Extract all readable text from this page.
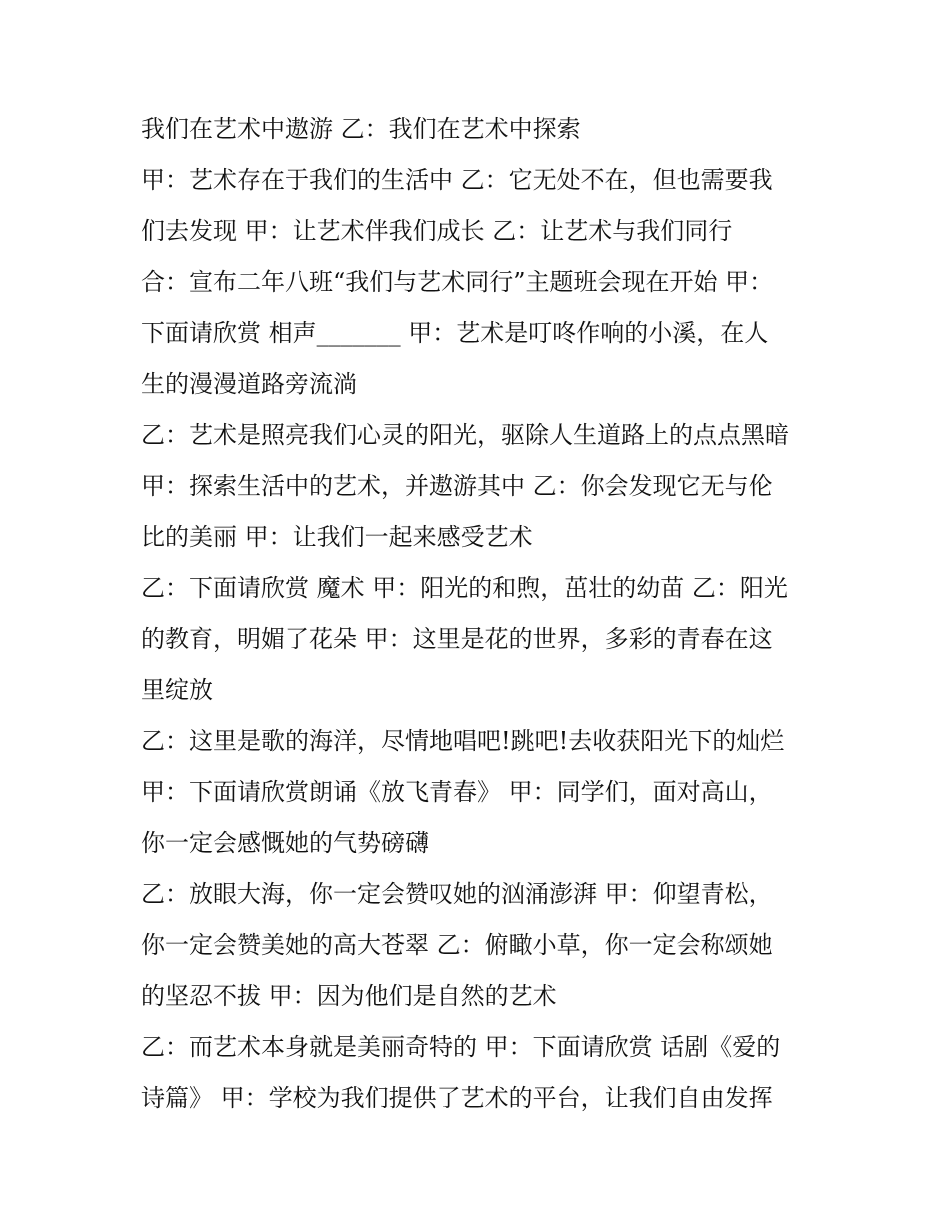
我们在艺术中遨游 乙：我们在艺术中探索

甲：艺术存在于我们的生活中 乙：它无处不在，但也需要我

们去发现 甲：让艺术伴我们成长 乙：让艺术与我们同行

合：宣布二年八班“我们与艺术同行”主题班会现在开始 甲：

下面请欣赏 相声_______ 甲：艺术是叮咚作响的小溪，在人

生的漫漫道路旁流淌

乙：艺术是照亮我们心灵的阳光，驱除人生道路上的点点黑暗

甲：探索生活中的艺术，并遨游其中 乙：你会发现它无与伦

比的美丽 甲：让我们一起来感受艺术

乙：下面请欣赏 魔术 甲：阳光的和煦，茁壮的幼苗 乙：阳光

的教育，明媚了花朵 甲：这里是花的世界，多彩的青春在这

里绽放

乙：这里是歌的海洋，尽情地唱吧!跳吧!去收获阳光下的灿烂

甲：下面请欣赏朗诵《放飞青春》 甲：同学们，面对高山，

你一定会感慨她的气势磅礴

乙：放眼大海，你一定会赞叹她的汹涌澎湃 甲：仰望青松，

你一定会赞美她的高大苍翠 乙：俯瞰小草，你一定会称颂她

的坚忍不拔 甲：因为他们是自然的艺术

乙：而艺术本身就是美丽奇特的 甲：下面请欣赏 话剧《爱的

诗篇》 甲：学校为我们提供了艺术的平台，让我们自由发挥
